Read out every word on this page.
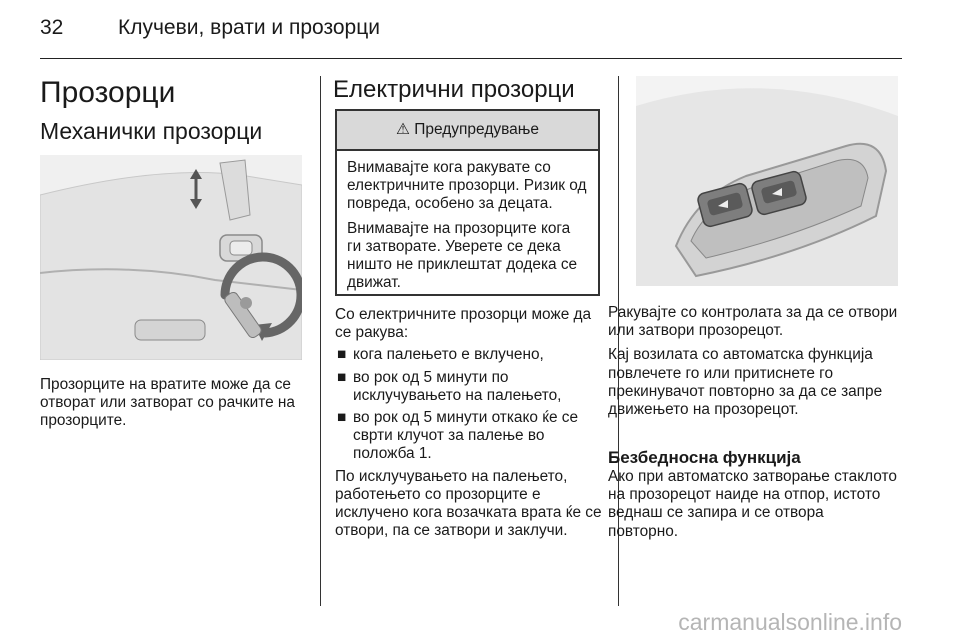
32	Клучеви, врати и прозорци
Прозорци
Механички прозорци

Прозорците на вратите може да се отворат или затворат со рачките на прозорците.

Електрични прозорци
⚠ Предупредување

Внимавајте кога ракувате со електричните прозорци. Ризик од повреда, особено за децата.

Внимавајте на прозорците кога ги затворате. Уверете се дека ништо не приклештат додека се движат.

Со електричните прозорци може да се ракува:

■ кога палењето е вклучено,
■ во рок од 5 минути по исклучувањето на палењето,
■ во рок од 5 минути откако ќе се сврти клучот за палење во положба 1.

По исклучувањето на палењето, работењето со прозорците е исклучено кога возачката врата ќе се отвори, па се затвори и заклучи.

Ракувајте со контролата за да се отвори или затвори прозорецот.

Кај возилата со автоматска функција повлечете го или притиснете го прекинувачот повторно за да се запре движењето на прозорецот.

Безбедносна функција

Ако при автоматско затворање стаклото на прозорецот наиде на отпор, истото веднаш се запира и се отвора повторно.

carmanualsonline.info
